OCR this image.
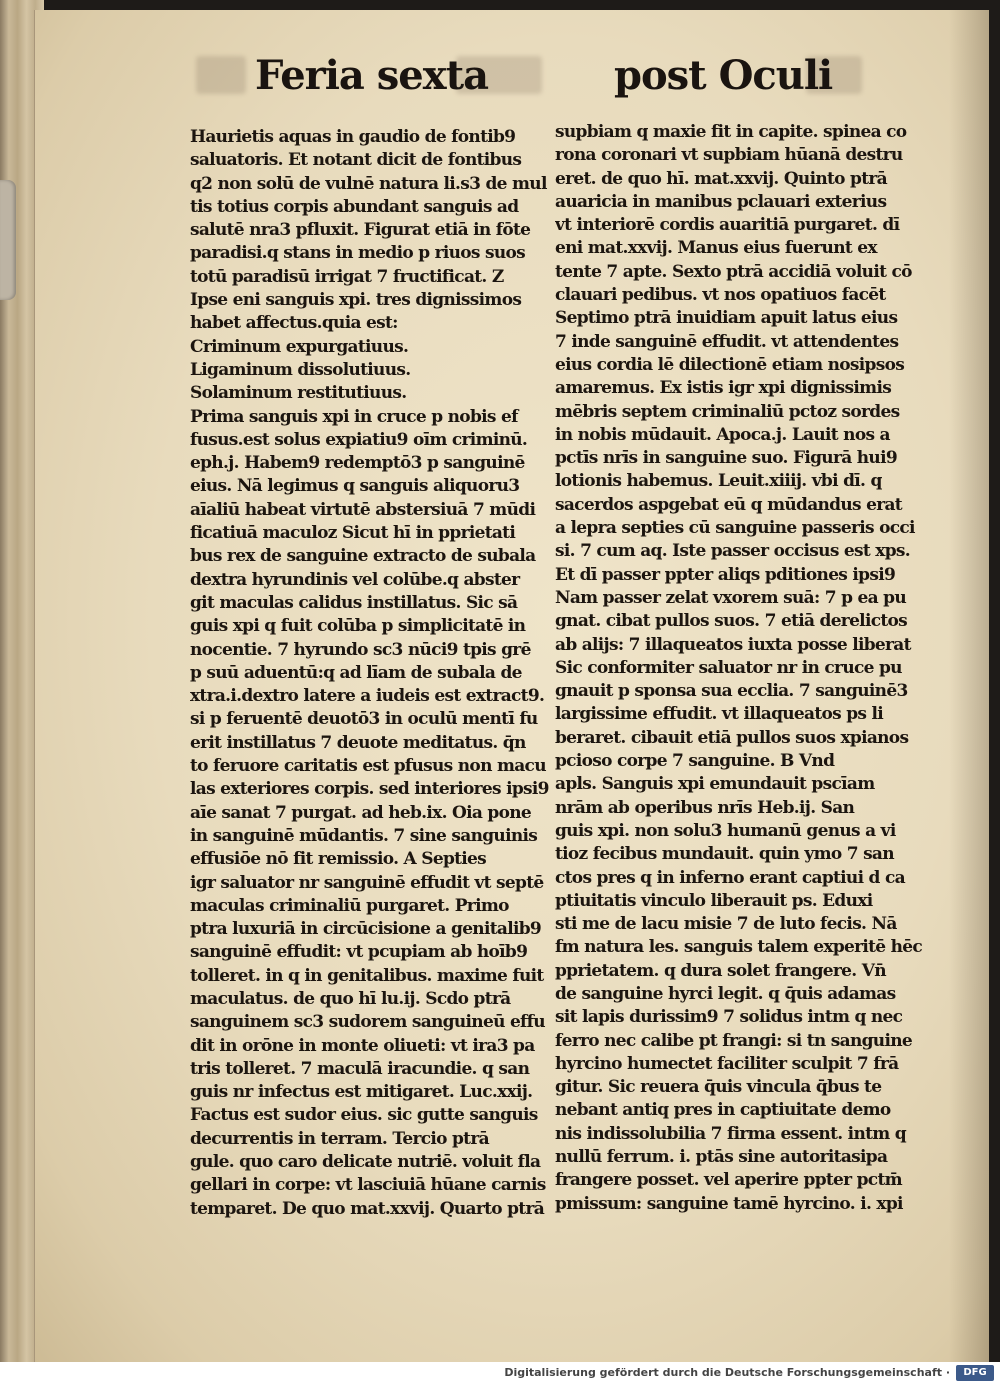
Feria sexta	post Oculi
Haurietis aquas in gaudio de fontib9
saluatoris. Et notant dicit de fontibus
q2 non solū de vulnē natura li.s3 de mul
tis totius corpis abundant sanguis ad
salutē nra3 pfluxit. Figurat etiā in fōte
paradisi.q stans in medio p riuos suos
totū paradisū irrigat 7 fructificat. Z
Ipse eni sanguis xpi. tres dignissimos
habet affectus.quia est:
Criminum expurgatiuus.
Ligaminum dissolutiuus.
Solaminum restitutiuus.
Prima sanguis xpi in cruce p nobis ef
fusus.est solus expiatiu9 oīm criminū.
eph.j. Habem9 redemptō3 p sanguinē
eius. Nā legimus q sanguis aliquoru3
aīaliū habeat virtutē abstersiuā 7 mūdi
ficatiuā maculoz Sicut hī in pprietati
bus rex de sanguine extracto de subala
dextra hyrundinis vel colūbe.q abster
git maculas calidus instillatus. Sic sā
guis xpi q fuit colūba p simplicitatē in
nocentie. 7 hyrundo sc3 nūci9 tpis grē
p suū aduentū:q ad līam de subala de
xtra.i.dextro latere a iudeis est extract9.
si p feruentē deuotō3 in oculū mentī fu
erit instillatus 7 deuote meditatus. q̄n
to feruore caritatis est pfusus non macu
las exteriores corpis. sed interiores ipsi9
aīe sanat 7 purgat. ad heb.ix. Oia pone
in sanguinē mūdantis. 7 sine sanguinis
effusiōe nō fit remissio. A Septies
igr saluator nr sanguinē effudit vt septē
maculas criminaliū purgaret. Primo
ptra luxuriā in circūcisione a genitalib9
sanguinē effudit: vt pcupiam ab hoīb9
tolleret. in q in genitalibus. maxime fuit
maculatus. de quo hī lu.ij. Scdo ptrā
sanguinem sc3 sudorem sanguineū effu
dit in orōne in monte oliueti: vt ira3 pa
tris tolleret. 7 maculā iracundie. q san
guis nr infectus est mitigaret. Luc.xxij.
Factus est sudor eius. sic gutte sanguis
decurrentis in terram. Tercio ptrā
gule. quo caro delicate nutriē. voluit fla
gellari in corpe: vt lasciuiā hūane carnis
temparet. De quo mat.xxvij. Quarto ptrā
supbiam q maxie fit in capite. spinea co
rona coronari vt supbiam hūanā destru
eret. de quo hī. mat.xxvij. Quinto ptrā
auaricia in manibus pclauari exterius
vt interiorē cordis auaritiā purgaret. dī
eni mat.xxvij. Manus eius fuerunt ex
tente 7 apte. Sexto ptrā accidiā voluit cō
clauari pedibus. vt nos opatiuos facēt
Septimo ptrā inuidiam apuit latus eius
7 inde sanguinē effudit. vt attendentes
eius cordia lē dilectionē etiam nosipsos
amaremus. Ex istis igr xpi dignissimis
mēbris septem criminaliū pctoz sordes
in nobis mūdauit. Apoca.j. Lauit nos a
pctīs nrīs in sanguine suo. Figurā hui9
lotionis habemus. Leuit.xiiij. vbi dī. q
sacerdos aspgebat eū q mūdandus erat
a lepra septies cū sanguine passeris occi
si. 7 cum aq. Iste passer occisus est xps.
Et dī passer ppter aliqs pditiones ipsi9
Nam passer zelat vxorem suā: 7 p ea pu
gnat. cibat pullos suos. 7 etiā derelictos
ab alijs: 7 illaqueatos iuxta posse liberat
Sic conformiter saluator nr in cruce pu
gnauit p sponsa sua ecclia. 7 sanguinē3
largissime effudit. vt illaqueatos ps li
beraret. cibauit etiā pullos suos xpianos
pcioso corpe 7 sanguine. B Vnd
apls. Sanguis xpi emundauit pscīam
nrām ab operibus nrīs Heb.ij. San
guis xpi. non solu3 humanū genus a vi
tioz fecibus mundauit. quin ymo 7 san
ctos pres q in inferno erant captiui d ca
ptiuitatis vinculo liberauit ps. Eduxi
sti me de lacu misie 7 de luto fecis. Nā
fm natura les. sanguis talem experitē hēc
pprietatem. q dura solet frangere. Vn̄
de sanguine hyrci legit. q q̄uis adamas
sit lapis durissim9 7 solidus intm q nec
ferro nec calibe pt frangi: si tn sanguine
hyrcino humectet faciliter sculpit 7 frā
gitur. Sic reuera q̄uis vincula q̄bus te
nebant antiq pres in captiuitate demo
nis indissolubilia 7 firma essent. intm q
nullū ferrum. i. ptās sine autoritasipa
frangere posset. vel aperire ppter pctm̄
pmissum: sanguine tamē hyrcino. i. xpi
Digitalisierung gefördert durch die Deutsche Forschungsgemeinschaft ·	DFG
